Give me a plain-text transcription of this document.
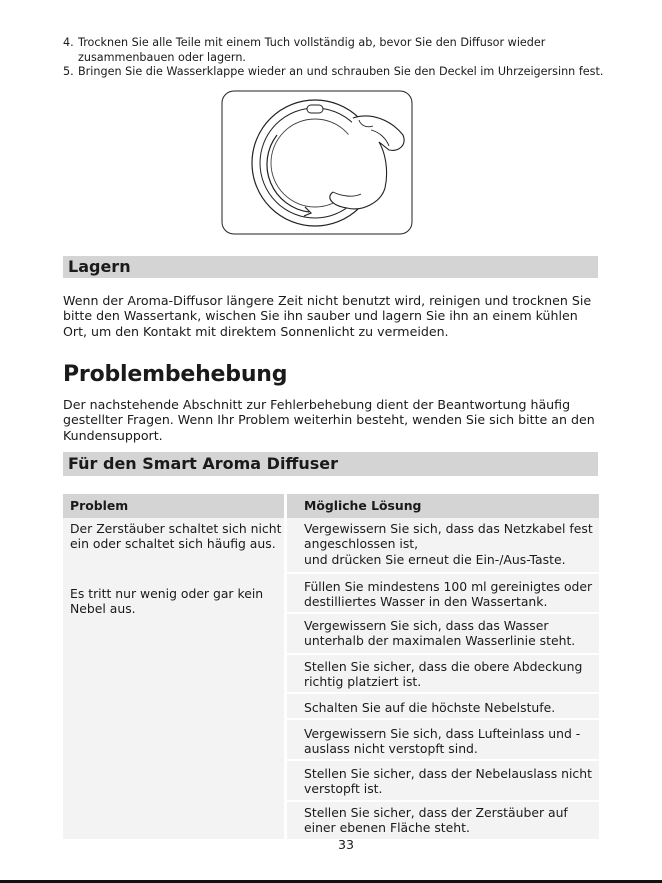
4. Trocknen Sie alle Teile mit einem Tuch vollständig ab, bevor Sie den Diffusor wieder zusammenbauen oder lagern.
5. Bringen Sie die Wasserklappe wieder an und schrauben Sie den Deckel im Uhrzeigersinn fest.
Lagern
Wenn der Aroma-Diffusor längere Zeit nicht benutzt wird, reinigen und trocknen Sie bitte den Wassertank, wischen Sie ihn sauber und lagern Sie ihn an einem kühlen Ort, um den Kontakt mit direktem Sonnenlicht zu vermeiden.
Problembehebung
Der nachstehende Abschnitt zur Fehlerbehebung dient der Beantwortung häufig gestellter Fragen. Wenn Ihr Problem weiterhin besteht, wenden Sie sich bitte an den Kundensupport.
Für den Smart Aroma Diffuser
Problem	Mögliche Lösung
Der Zerstäuber schaltet sich nicht ein oder schaltet sich häufig aus.
Es tritt nur wenig oder gar kein Nebel aus.
Vergewissern Sie sich, dass das Netzkabel fest angeschlossen ist,
und drücken Sie erneut die Ein-/Aus-Taste.
Füllen Sie mindestens 100 ml gereinigtes oder destilliertes Wasser in den Wassertank.
Vergewissern Sie sich, dass das Wasser unterhalb der maximalen Wasserlinie steht.
Stellen Sie sicher, dass die obere Abdeckung richtig platziert ist.
Schalten Sie auf die höchste Nebelstufe.
Vergewissern Sie sich, dass Lufteinlass und -auslass nicht verstopft sind.
Stellen Sie sicher, dass der Nebelauslass nicht verstopft ist.
Stellen Sie sicher, dass der Zerstäuber auf einer ebenen Fläche steht.
33
